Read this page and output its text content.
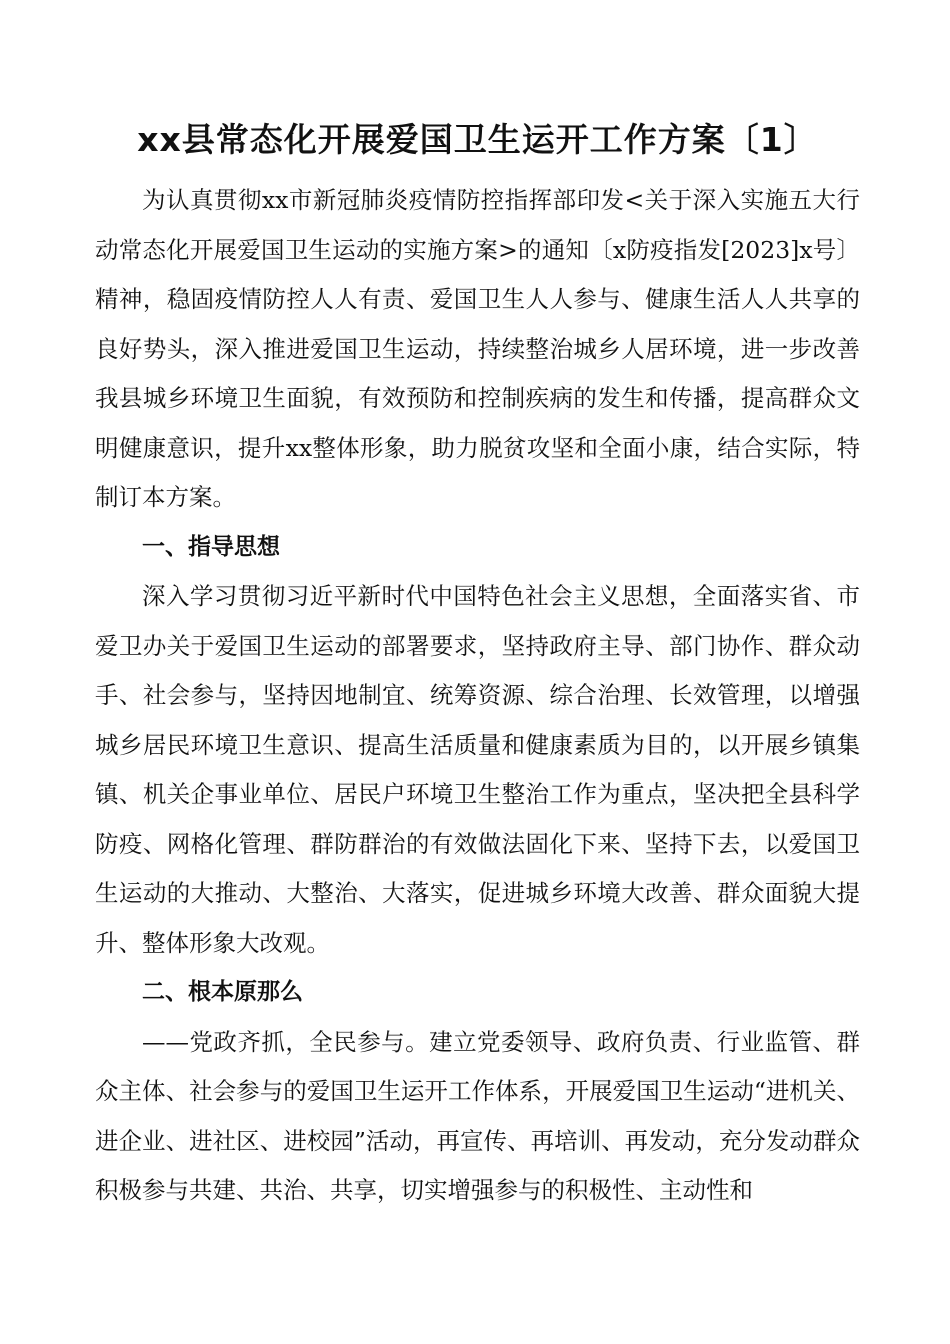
xx县常态化开展爱国卫生运开工作方案〔1〕

为认真贯彻xx市新冠肺炎疫情防控指挥部印发<关于深入实施五大行动常态化开展爱国卫生运动的实施方案>的通知〔x防疫指发[2023]x号〕精神，稳固疫情防控人人有责、爱国卫生人人参与、健康生活人人共享的良好势头，深入推进爱国卫生运动，持续整治城乡人居环境，进一步改善我县城乡环境卫生面貌，有效预防和控制疾病的发生和传播，提高群众文明健康意识，提升xx整体形象，助力脱贫攻坚和全面小康，结合实际，特制订本方案。

一、指导思想

深入学习贯彻习近平新时代中国特色社会主义思想，全面落实省、市爱卫办关于爱国卫生运动的部署要求，坚持政府主导、部门协作、群众动手、社会参与，坚持因地制宜、统筹资源、综合治理、长效管理，以增强城乡居民环境卫生意识、提高生活质量和健康素质为目的，以开展乡镇集镇、机关企事业单位、居民户环境卫生整治工作为重点，坚决把全县科学防疫、网格化管理、群防群治的有效做法固化下来、坚持下去，以爱国卫生运动的大推动、大整治、大落实，促进城乡环境大改善、群众面貌大提升、整体形象大改观。

二、根本原那么

——党政齐抓，全民参与。建立党委领导、政府负责、行业监管、群众主体、社会参与的爱国卫生运开工作体系，开展爱国卫生运动“进机关、进企业、进社区、进校园”活动，再宣传、再培训、再发动，充分发动群众积极参与共建、共治、共享，切实增强参与的积极性、主动性和
